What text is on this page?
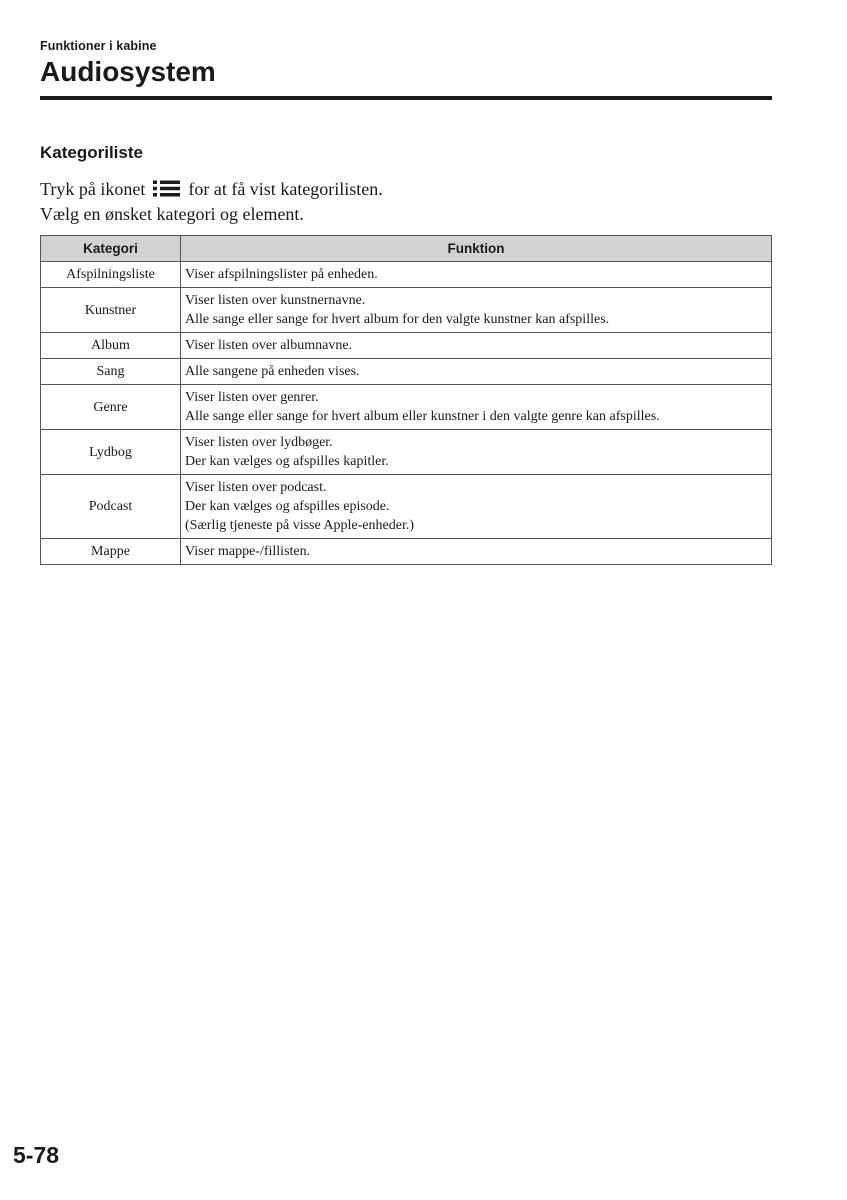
Funktioner i kabine
Audiosystem
Kategoriliste
Tryk på ikonet for at få vist kategorilisten.
Vælg en ønsket kategori og element.
Kategori	Funktion
Afspilningsliste	Viser afspilningslister på enheden.

Kunstner	Viser listen over kunstnernavne.
Alle sange eller sange for hvert album for den valgte kunstner kan afspilles.

Album	Viser listen over albumnavne.

Sang	Alle sangene på enheden vises.

Genre	Viser listen over genrer.
Alle sange eller sange for hvert album eller kunstner i den valgte genre kan afspilles.

Lydbog	Viser listen over lydbøger.
Der kan vælges og afspilles kapitler.

Podcast	Viser listen over podcast.
Der kan vælges og afspilles episode.
(Særlig tjeneste på visse Apple-enheder.)

Mappe	Viser mappe-/fillisten.
5-78
